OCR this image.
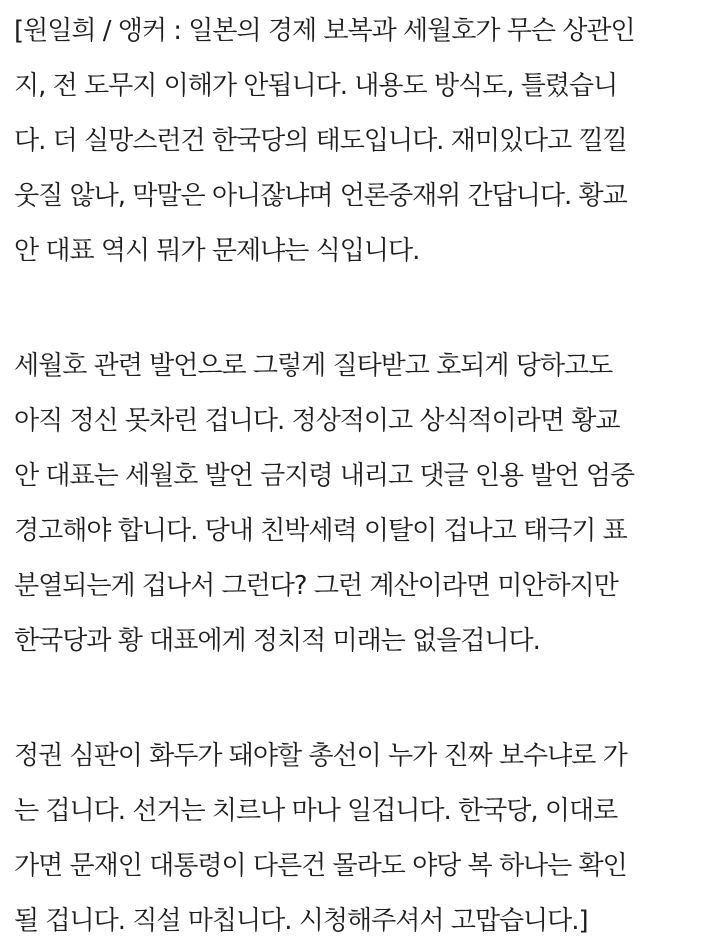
[원일희 / 앵커 : 일본의 경제 보복과 세월호가 무슨 상관인
지, 전 도무지 이해가 안됩니다. 내용도 방식도, 틀렸습니
다. 더 실망스런건 한국당의 태도입니다. 재미있다고 낄낄
웃질 않나, 막말은 아니잖냐며 언론중재위 간답니다. 황교
안 대표 역시 뭐가 문제냐는 식입니다.
세월호 관련 발언으로 그렇게 질타받고 호되게 당하고도
아직 정신 못차린 겁니다. 정상적이고 상식적이라면 황교
안 대표는 세월호 발언 금지령 내리고 댓글 인용 발언 엄중
경고해야 합니다. 당내 친박세력 이탈이 겁나고 태극기 표
분열되는게 겁나서 그런다? 그런 계산이라면 미안하지만
한국당과 황 대표에게 정치적 미래는 없을겁니다.
정권 심판이 화두가 돼야할 총선이 누가 진짜 보수냐로 가
는 겁니다. 선거는 치르나 마나 일겁니다. 한국당, 이대로
가면 문재인 대통령이 다른건 몰라도 야당 복 하나는 확인
될 겁니다. 직설 마칩니다. 시청해주셔서 고맙습니다.]
